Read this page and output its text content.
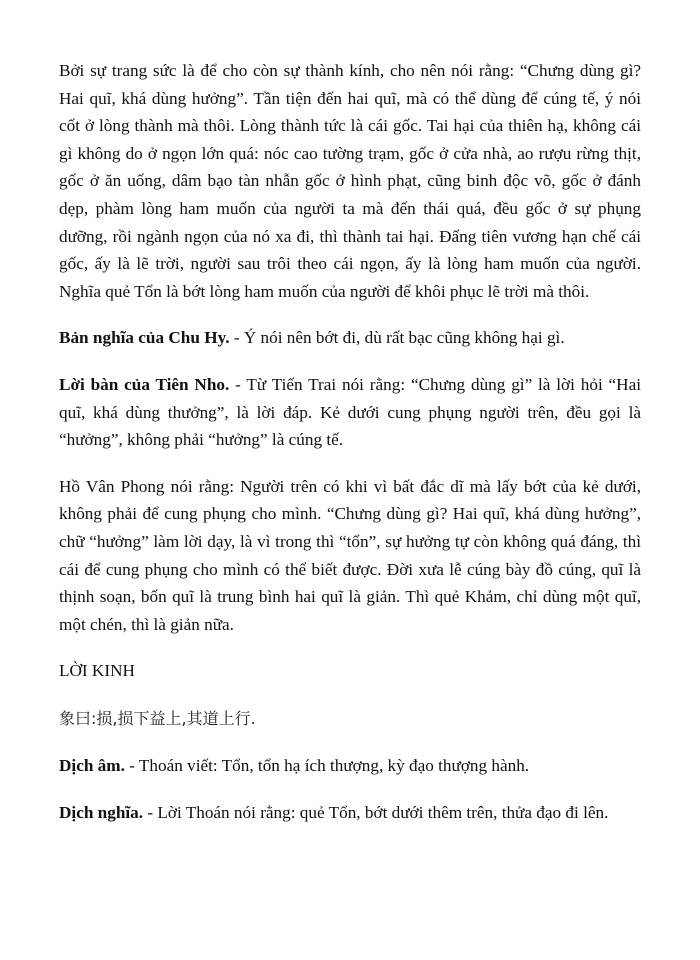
Bởi sự trang sức là để cho còn sự thành kính, cho nên nói rằng: “Chưng dùng gì? Hai quĩ, khá dùng hưởng”. Tần tiện đến hai quĩ, mà có thể dùng để cúng tế, ý nói cốt ở lòng thành mà thôi. Lòng thành tức là cái gốc. Tai hại của thiên hạ, không cái gì không do ở ngọn lớn quá: nóc cao tường trạm, gốc ở cửa nhà, ao rượu rừng thịt, gốc ở ăn uống, dâm bạo tàn nhẫn gốc ở hình phạt, cũng binh độc võ, gốc ở đánh dẹp, phàm lòng ham muốn của người ta mà đến thái quá, đều gốc ở sự phụng dưỡng, rồi ngành ngọn của nó xa đi, thì thành tai hại. Đấng tiên vương hạn chế cái gốc, ấy là lẽ trời, người sau trôi theo cái ngọn, ấy là lòng ham muốn của người. Nghĩa quẻ Tổn là bớt lòng ham muốn của người để khôi phục lẽ trời mà thôi.

Bản nghĩa của Chu Hy. - Ý nói nên bớt đi, dù rất bạc cũng không hại gì.

Lời bàn của Tiên Nho. - Từ Tiến Trai nói rằng: “Chưng dùng gì” là lời hỏi “Hai quĩ, khá dùng thưởng”, là lời đáp. Kẻ dưới cung phụng người trên, đều gọi là “hưởng”, không phải “hưởng” là cúng tế.

Hồ Vân Phong nói rằng: Người trên có khi vì bất đắc dĩ mà lấy bớt của kẻ dưới, không phải để cung phụng cho mình. “Chưng dùng gì? Hai quĩ, khá dùng hưởng”, chữ “hưởng” làm lời dạy, là vì trong thì “tổn”, sự hưởng tự còn không quá đáng, thì cái để cung phụng cho mình có thể biết được. Đời xưa lễ cúng bày đồ cúng, quĩ là thịnh soạn, bốn quĩ là trung bình hai quĩ là giản. Thì quẻ Khảm, chỉ dùng một quĩ, một chén, thì là giản nữa.

LỜI KINH

象曰:损,损下益上,其道上行.

Dịch âm. - Thoán viết: Tổn, tổn hạ ích thượng, kỳ đạo thượng hành.

Dịch nghĩa. - Lời Thoán nói rằng: quẻ Tổn, bớt dưới thêm trên, thửa đạo đi lên.
